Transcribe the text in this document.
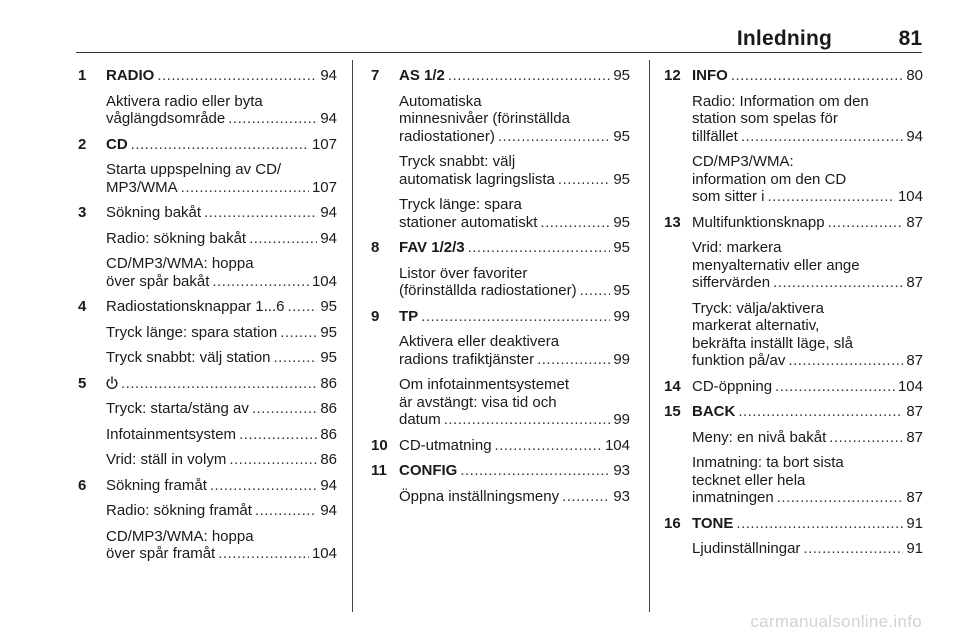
Inledning	81
1 RADIO .....	94
Aktivera radio eller byta
våglängdsområde .....	94
2 CD .....	107
Starta uppspelning av CD/
MP3/WMA .....	107
3 Sökning bakåt .....	94
Radio: sökning bakåt .....	94
CD/MP3/WMA: hoppa
över spår bakåt .....	104
4 Radiostationsknappar 1...6 ..... 95
Tryck länge: spara station .....	95
Tryck snabbt: välj station .....	95
5 .....	86
Tryck: starta/stäng av .....	86
Infotainmentsystem .....	86
Vrid: ställ in volym .....	86
6 Sökning framåt .....	94
Radio: sökning framåt .....	94
CD/MP3/WMA: hoppa
över spår framåt .....	104
7 AS 1/2 .....	95
Automatiska
minnesnivåer (förinställda
radiostationer) .....	95
Tryck snabbt: välj
automatisk lagringslista .....	95
Tryck länge: spara
stationer automatiskt .....	95
8 FAV 1/2/3 .....	95
Listor över favoriter
(förinställda radiostationer) ..... 95
9 TP .....	99
Aktivera eller deaktivera
radions trafiktjänster .....	99
Om infotainmentsystemet
är avstängt: visa tid och
datum .....	99
10 CD-utmatning .....	104
11 CONFIG .....	93
Öppna inställningsmeny .....	93
12 INFO .....	80
Radio: Information om den
station som spelas för
tillfället .....	94
CD/MP3/WMA:
information om den CD
som sitter i .....	104
13 Multifunktionsknapp .....	87
Vrid: markera
menyalternativ eller ange
siffervärden .....	87
Tryck: välja/aktivera
markerat alternativ,
bekräfta inställt läge, slå
funktion på/av .....	87
14 CD-öppning .....	104
15 BACK .....	87
Meny: en nivå bakåt .....	87
Inmatning: ta bort sista
tecknet eller hela
inmatningen .....	87
16 TONE .....	91
Ljudinställningar .....	91
carmanualsonline.info
